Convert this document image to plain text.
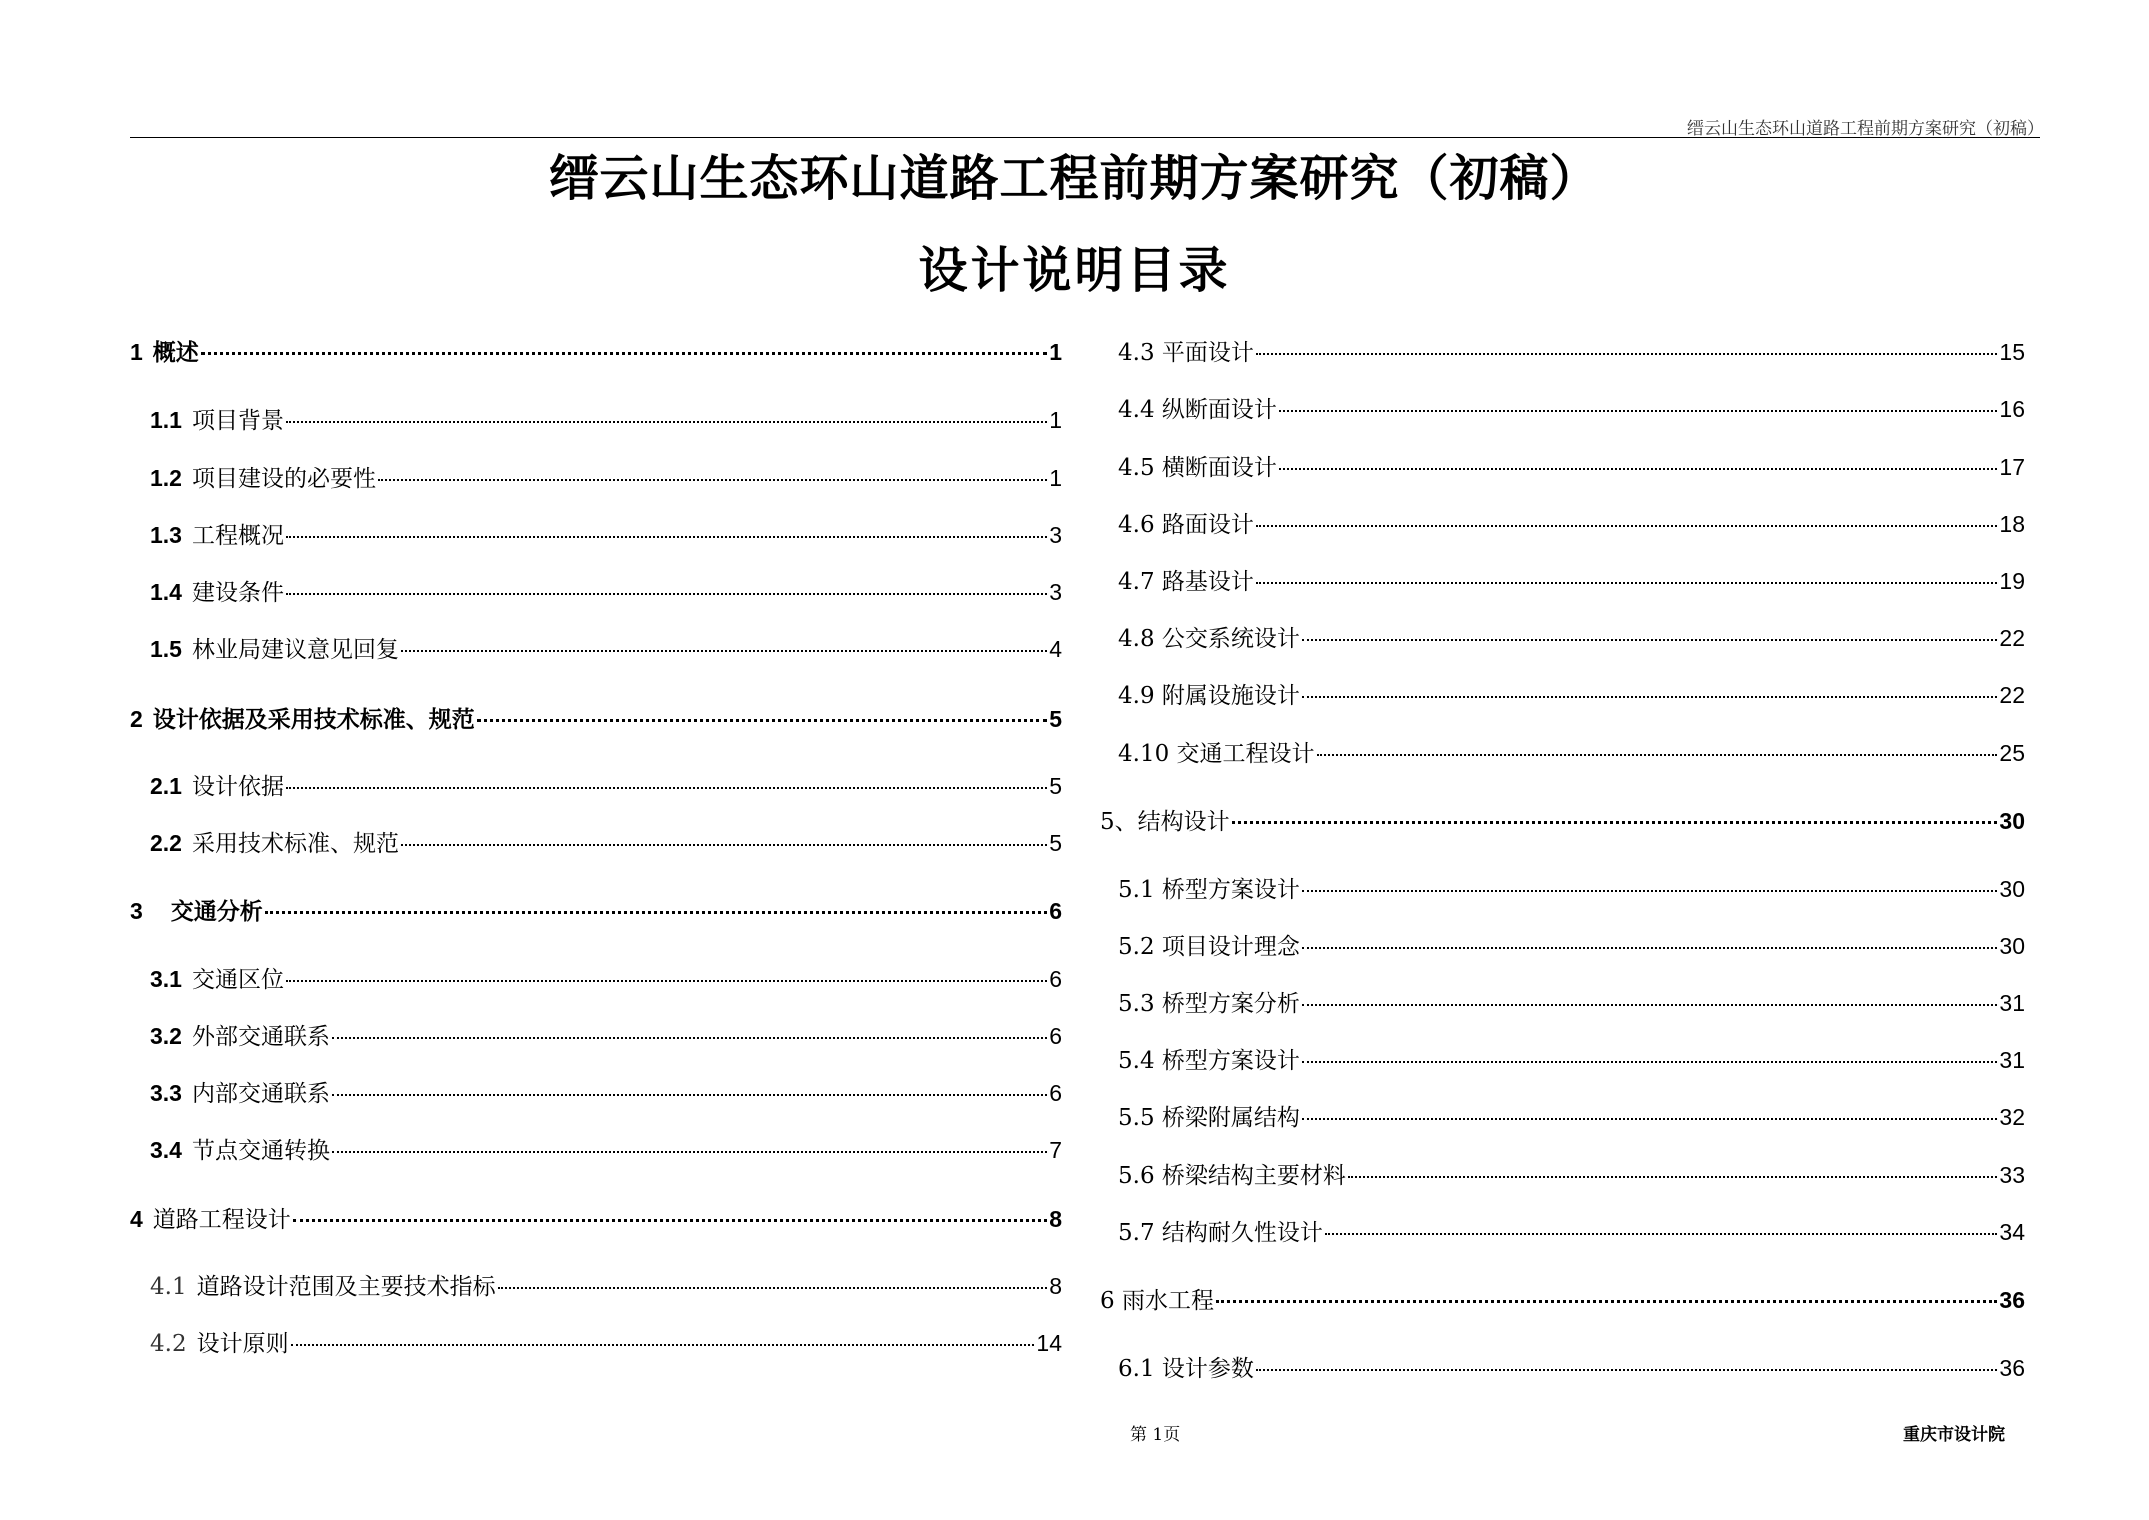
缙云山生态环山道路工程前期方案研究（初稿）
缙云山生态环山道路工程前期方案研究（初稿）
设计说明目录
1 概述	1
1.1 项目背景	1
1.2 项目建设的必要性	1
1.3 工程概况	3
1.4 建设条件	3
1.5 林业局建议意见回复	4
2 设计依据及采用技术标准、规范	5
2.1 设计依据	5
2.2 采用技术标准、规范	5
3 交通分析	6
3.1 交通区位	6
3.2 外部交通联系	6
3.3 内部交通联系	6
3.4 节点交通转换	7
4 道路工程设计	8
4.1 道路设计范围及主要技术指标	8
4.2 设计原则	14
4.3 平面设计	15
4.4 纵断面设计	16
4.5 横断面设计	17
4.6 路面设计	18
4.7 路基设计	19
4.8 公交系统设计	22
4.9 附属设施设计	22
4.10 交通工程设计	25
5、结构设计	30
5.1 桥型方案设计	30
5.2 项目设计理念	30
5.3 桥型方案分析	31
5.4 桥型方案设计	31
5.5 桥梁附属结构	32
5.6 桥梁结构主要材料	33
5.7 结构耐久性设计	34
6 雨水工程	36
6.1 设计参数	36
第 1页	重庆市设计院
